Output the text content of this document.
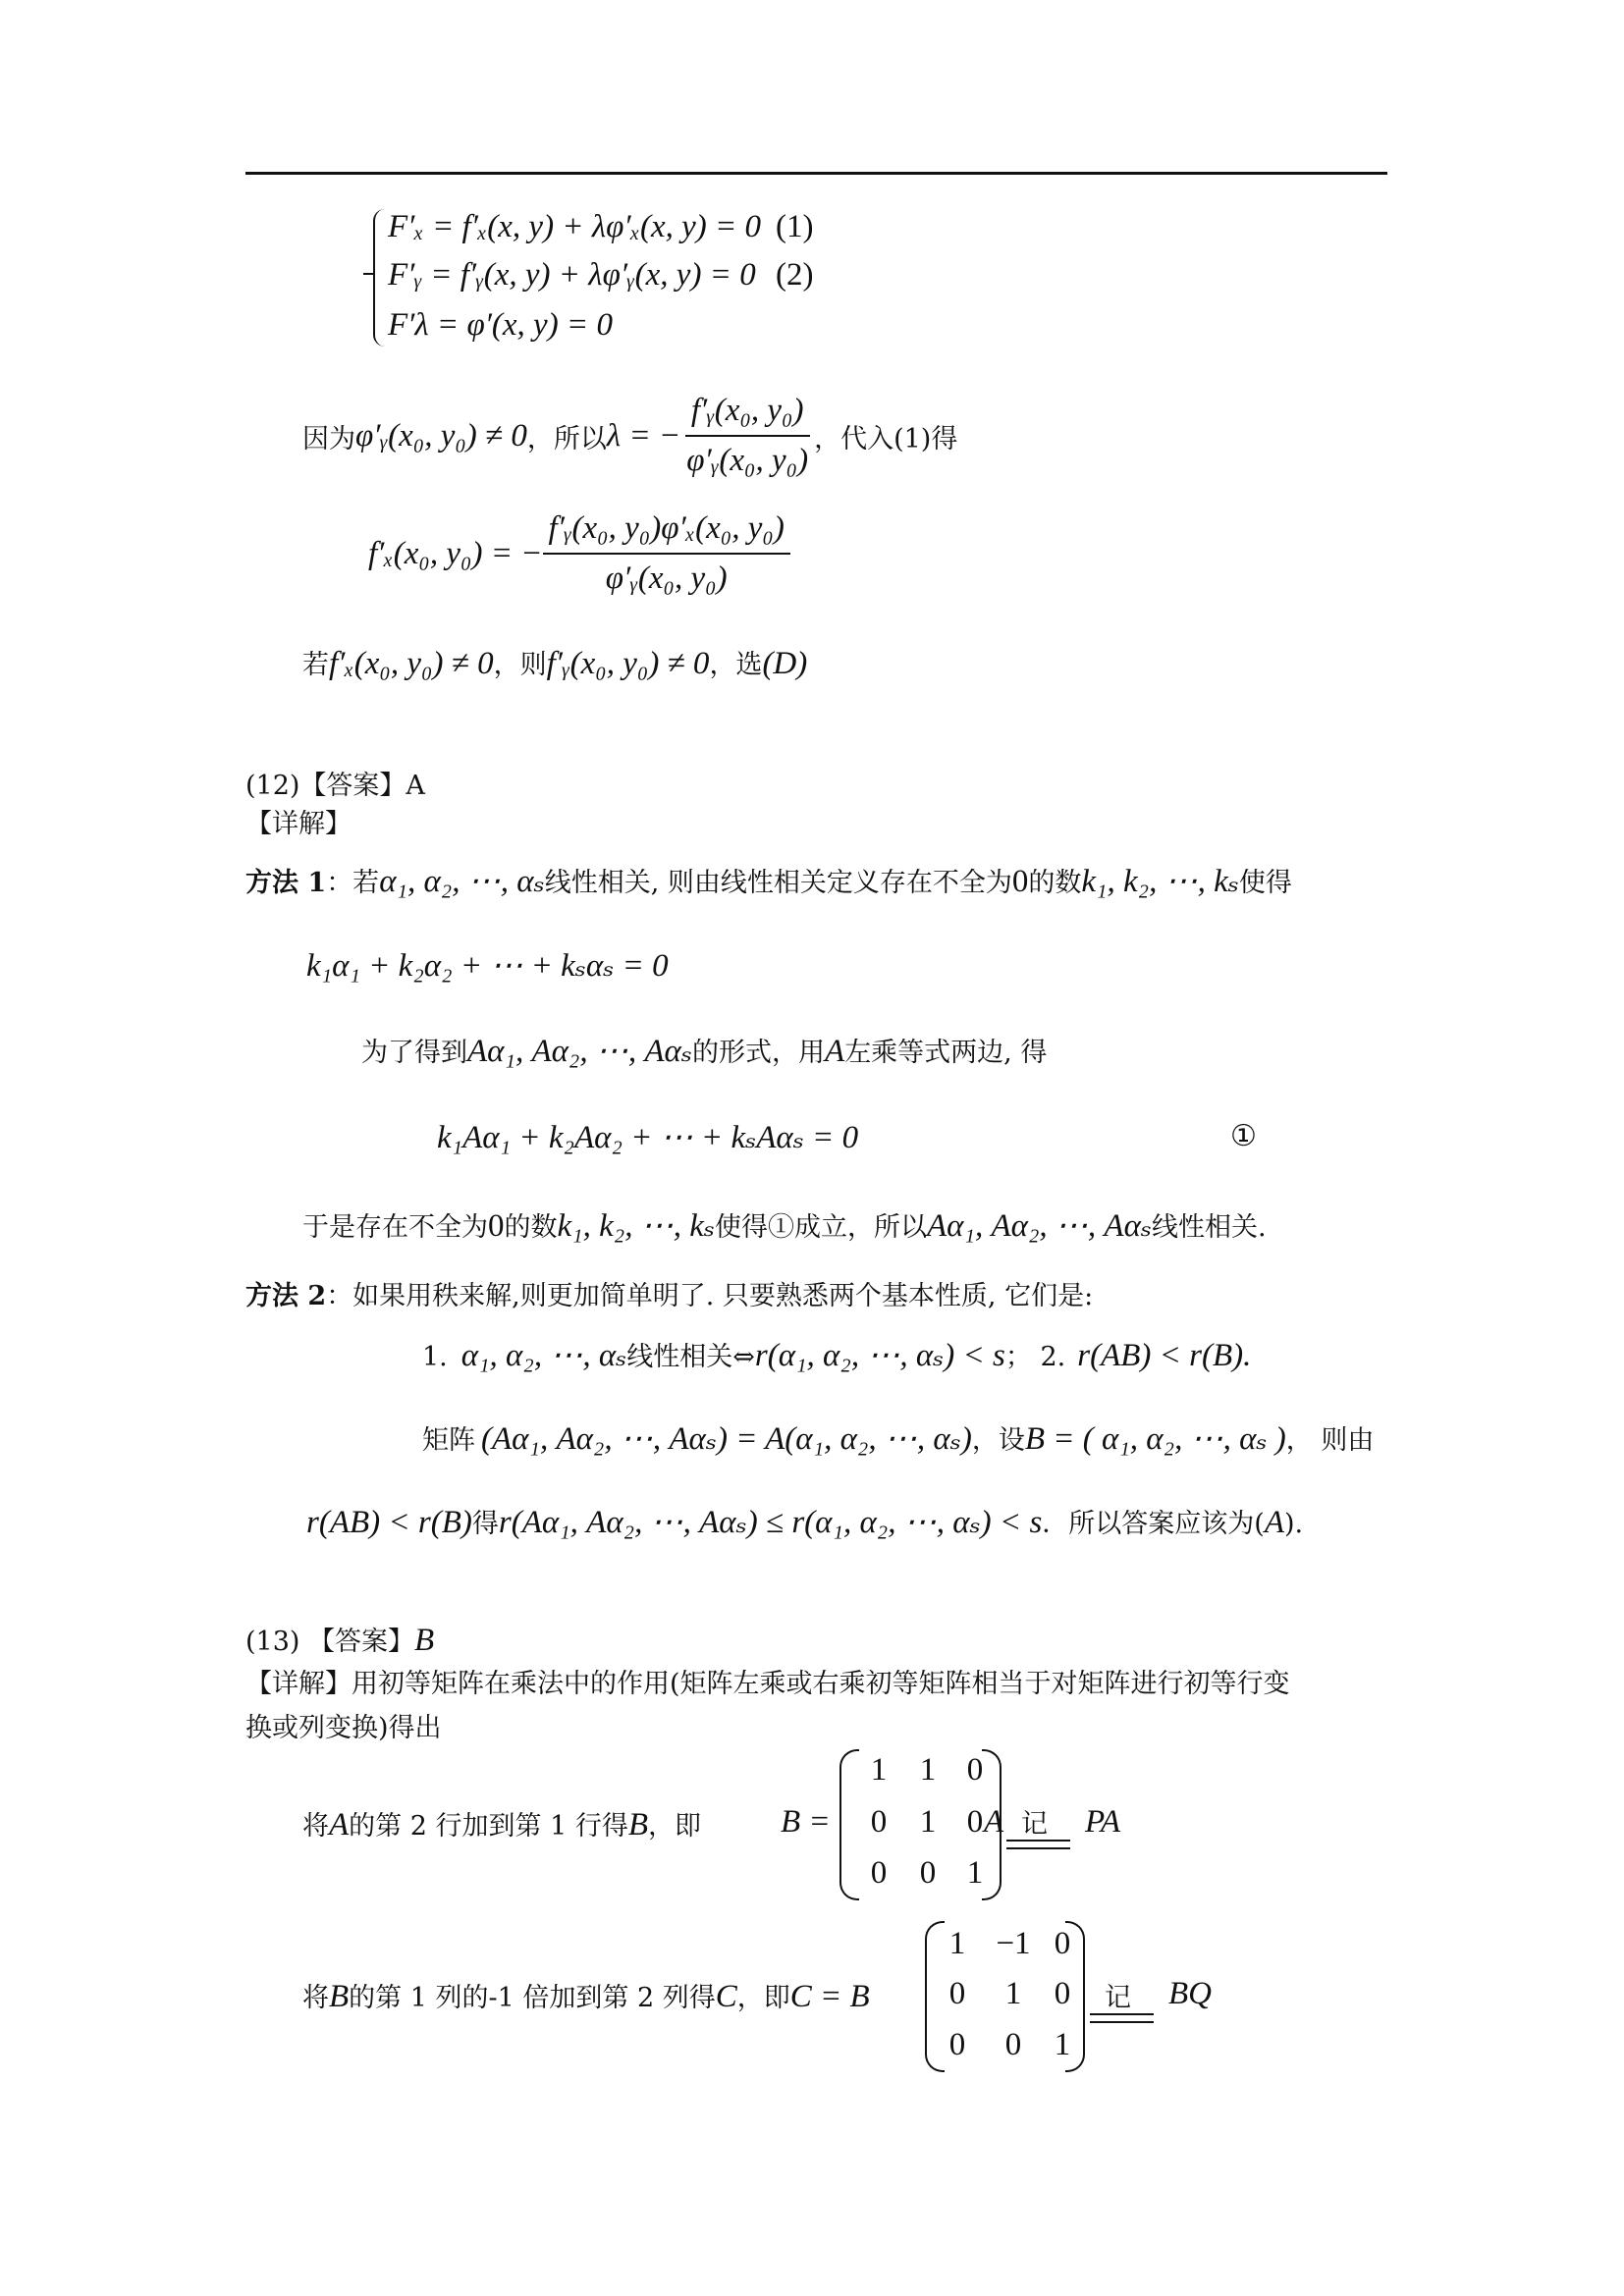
F′ₓ = f′ₓ(x, y) + λφ′ₓ(x, y) = 0 (1)
F′ᵧ = f′ᵧ(x, y) + λφ′ᵧ(x, y) = 0 (2)
F′λ = φ′(x, y) = 0
因为 φ′ᵧ(x₀, y₀) ≠ 0 ，所以 λ = − $\frac{\text{f′ᵧ(x₀, y₀)}}{\text{φ′ᵧ(x₀, y₀)}}$ ，代入(1)得
f′ₓ(x₀, y₀) = − $\frac{\text{f′ᵧ(x₀, y₀)φ′ₓ(x₀, y₀)}}{\text{φ′ᵧ(x₀, y₀)}}$
若 f′ₓ(x₀, y₀) ≠ 0 ，则 f′ᵧ(x₀, y₀) ≠ 0 ，选 (D)
(12)【答案】A
【详解】
方法 1 ：若 α₁, α₂, ⋯, αₛ 线性相关, 则由线性相关定义存在不全为 0 的数 k₁, k₂, ⋯, kₛ 使得
k₁α₁ + k₂α₂ + ⋯ + kₛαₛ = 0
为了得到 Aα₁, Aα₂, ⋯, Aαₛ 的形式，用 A 左乘等式两边, 得
k₁Aα₁ + k₂Aα₂ + ⋯ + kₛAαₛ = 0	①
于是存在不全为 0 的数 k₁, k₂, ⋯, kₛ 使得①成立，所以 Aα₁, Aα₂, ⋯, Aαₛ 线性相关.
方法 2 ：如果用秩来解,则更加简单明了. 只要熟悉两个基本性质, 它们是:
1. α₁, α₂, ⋯, αₛ 线性相关⇔ r(α₁, α₂, ⋯, αₛ) < s ； 2. r(AB) < r(B).
矩阵 (Aα₁, Aα₂, ⋯, Aαₛ) = A(α₁, α₂, ⋯, αₛ) ，设 B = ( α₁, α₂, ⋯, αₛ ) ， 则由
r(AB) < r(B) 得 r(Aα₁, Aα₂, ⋯, Aαₛ) ≤ r(α₁, α₂, ⋯, αₛ) < s ．所以答案应该为( A ).
(13) 【答案】 B
【详解】用初等矩阵在乘法中的作用(矩阵左乘或右乘初等矩阵相当于对矩阵进行初等行变
换或列变换)得出
将 A 的第 2 行加到第 1 行得 B ，即 B =
1	1 0
0	1 0
0	0 1
A 记 PA
将 B 的第 1 列的-1 倍加到第 2 列得 C ，即 C = B
1 −1 0
0	1	0
0	0	1
记 BQ
